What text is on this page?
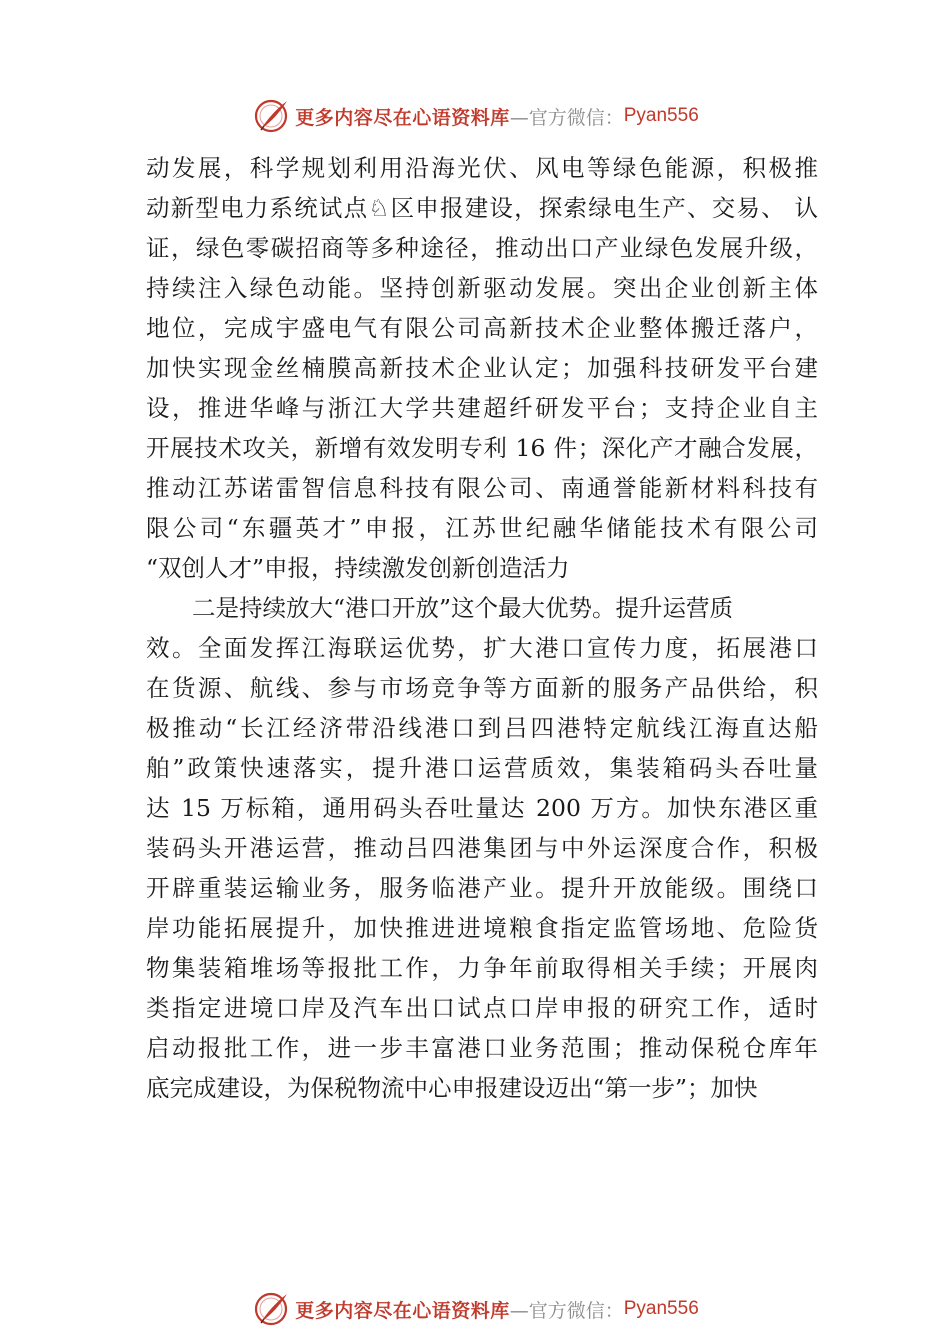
更多内容尽在心语资料库 —官方微信： Pyan556
动发展，科学规划利用沿海光伏、风电等绿色能源，积极推
动新型电力系统试点♘区申报建设，探索绿电生产、交易、 认
证，绿色零碳招商等多种途径，推动出口产业绿色发展升级，
持续注入绿色动能。坚持创新驱动发展。突出企业创新主体
地位，完成宇盛电气有限公司高新技术企业整体搬迁落户，
加快实现金丝楠膜高新技术企业认定；加强科技研发平台建
设，推进华峰与浙江大学共建超纤研发平台；支持企业自主
开展技术攻关，新增有效发明专利 16 件；深化产才融合发展，
推动江苏诺雷智信息科技有限公司、南通誉能新材料科技有
限公司“东疆英才”申报，江苏世纪融华储能技术有限公司
“双创人才”申报，持续激发创新创造活力
二是持续放大“港口开放”这个最大优势。提升运营质
效。全面发挥江海联运优势，扩大港口宣传力度，拓展港口
在货源、航线、参与市场竞争等方面新的服务产品供给，积
极推动“长江经济带沿线港口到吕四港特定航线江海直达船
舶”政策快速落实，提升港口运营质效，集装箱码头吞吐量
达 15 万标箱，通用码头吞吐量达 200 万方。加快东港区重
装码头开港运营，推动吕四港集团与中外运深度合作，积极
开辟重装运输业务，服务临港产业。提升开放能级。围绕口
岸功能拓展提升，加快推进进境粮食指定监管场地、危险货
物集装箱堆场等报批工作，力争年前取得相关手续；开展肉
类指定进境口岸及汽车出口试点口岸申报的研究工作，适时
启动报批工作，进一步丰富港口业务范围；推动保税仓库年
底完成建设，为保税物流中心申报建设迈出“第一步”；加快
更多内容尽在心语资料库 —官方微信： Pyan556
